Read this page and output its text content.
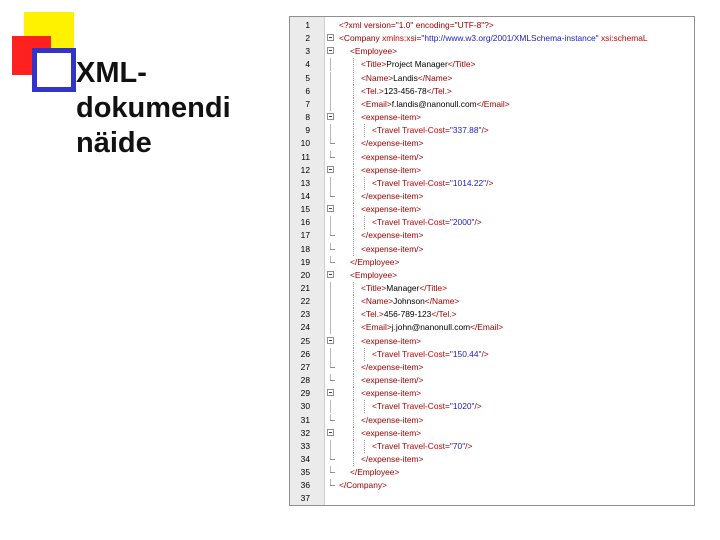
XML-
dokumendi
näide
1	<?xml version="1.0" encoding="UTF-8"?>
2	<Company xmlns:xsi="http://www.w3.org/2001/XMLSchema-instance" xsi:schemaL
3	<Employee>
4	<Title>Project Manager</Title>
5	<Name>Landis</Name>
6	<Tel.>123-456-78</Tel.>
7	<Email>f.landis@nanonull.com</Email>
8	<expense-item>
9	<Travel Travel-Cost="337.88"/>
10	</expense-item>
11	<expense-item/>
12	<expense-item>
13	<Travel Travel-Cost="1014.22"/>
14	</expense-item>
15	<expense-item>
16	<Travel Travel-Cost="2000"/>
17	</expense-item>
18	<expense-item/>
19	</Employee>
20	<Employee>
21	<Title>Manager</Title>
22	<Name>Johnson</Name>
23	<Tel.>456-789-123</Tel.>
24	<Email>j.john@nanonull.com</Email>
25	<expense-item>
26	<Travel Travel-Cost="150.44"/>
27	</expense-item>
28	<expense-item/>
29	<expense-item>
30	<Travel Travel-Cost="1020"/>
31	</expense-item>
32	<expense-item>
33	<Travel Travel-Cost="70"/>
34	</expense-item>
35	</Employee>
36	</Company>
37
